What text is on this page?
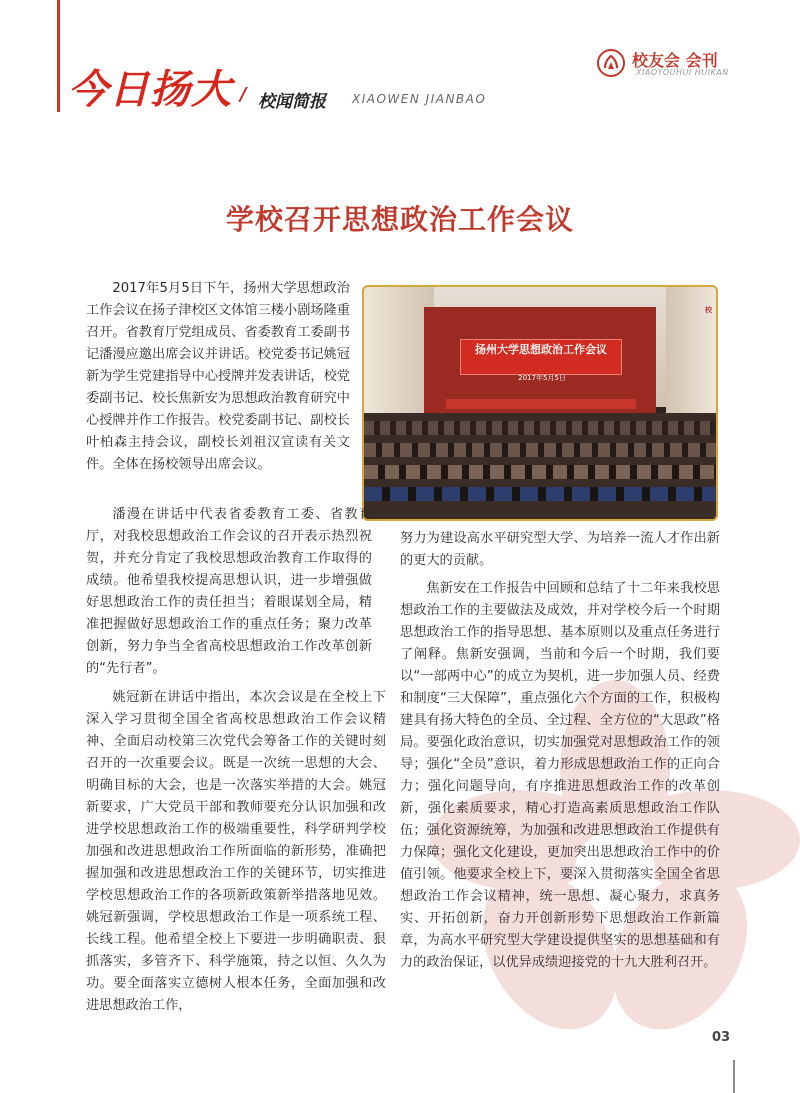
今日扬大 / 校闻简报 XIAOWEN JIANBAO
校友会 会刊
XIAOYOUHUI HUIKAN
学校召开思想政治工作会议

2017年5月5日下午，扬州大学思想政治工作会议在扬子津校区文体馆三楼小剧场隆重召开。省教育厅党组成员、省委教育工委副书记潘漫应邀出席会议并讲话。校党委书记姚冠新为学生党建指导中心授牌并发表讲话，校党委副书记、校长焦新安为思想政治教育研究中心授牌并作工作报告。校党委副书记、副校长叶柏森主持会议，副校长刘祖汉宣读有关文件。全体在扬校领导出席会议。

扬州大学思想政治工作会议
2017年5月5日
校

潘漫在讲话中代表省委教育工委、省教育厅，对我校思想政治工作会议的召开表示热烈祝贺，并充分肯定了我校思想政治教育工作取得的成绩。他希望我校提高思想认识，进一步增强做好思想政治工作的责任担当；着眼谋划全局，精准把握做好思想政治工作的重点任务；聚力改革创新，努力争当全省高校思想政治工作改革创新的“先行者”。

姚冠新在讲话中指出，本次会议是在全校上下深入学习贯彻全国全省高校思想政治工作会议精神、全面启动校第三次党代会筹备工作的关键时刻召开的一次重要会议。既是一次统一思想的大会、明确目标的大会，也是一次落实举措的大会。姚冠新要求，广大党员干部和教师要充分认识加强和改进学校思想政治工作的极端重要性，科学研判学校加强和改进思想政治工作所面临的新形势，准确把握加强和改进思想政治工作的关键环节，切实推进学校思想政治工作的各项新政策新举措落地见效。姚冠新强调，学校思想政治工作是一项系统工程、长线工程。他希望全校上下要进一步明确职责、狠抓落实，多管齐下、科学施策，持之以恒、久久为功。要全面落实立德树人根本任务，全面加强和改进思想政治工作，

努力为建设高水平研究型大学、为培养一流人才作出新的更大的贡献。

焦新安在工作报告中回顾和总结了十二年来我校思想政治工作的主要做法及成效，并对学校今后一个时期思想政治工作的指导思想、基本原则以及重点任务进行了阐释。焦新安强调，当前和今后一个时期，我们要以“一部两中心”的成立为契机，进一步加强人员、经费和制度“三大保障”，重点强化六个方面的工作，积极构建具有扬大特色的全员、全过程、全方位的“大思政”格局。要强化政治意识，切实加强党对思想政治工作的领导；强化“全员”意识，着力形成思想政治工作的正向合力；强化问题导向，有序推进思想政治工作的改革创新，强化素质要求，精心打造高素质思想政治工作队伍；强化资源统筹，为加强和改进思想政治工作提供有力保障；强化文化建设，更加突出思想政治工作中的价值引领。他要求全校上下，要深入贯彻落实全国全省思想政治工作会议精神，统一思想、凝心聚力，求真务实、开拓创新，奋力开创新形势下思想政治工作新篇章，为高水平研究型大学建设提供坚实的思想基础和有力的政治保证，以优异成绩迎接党的十九大胜利召开。

03
